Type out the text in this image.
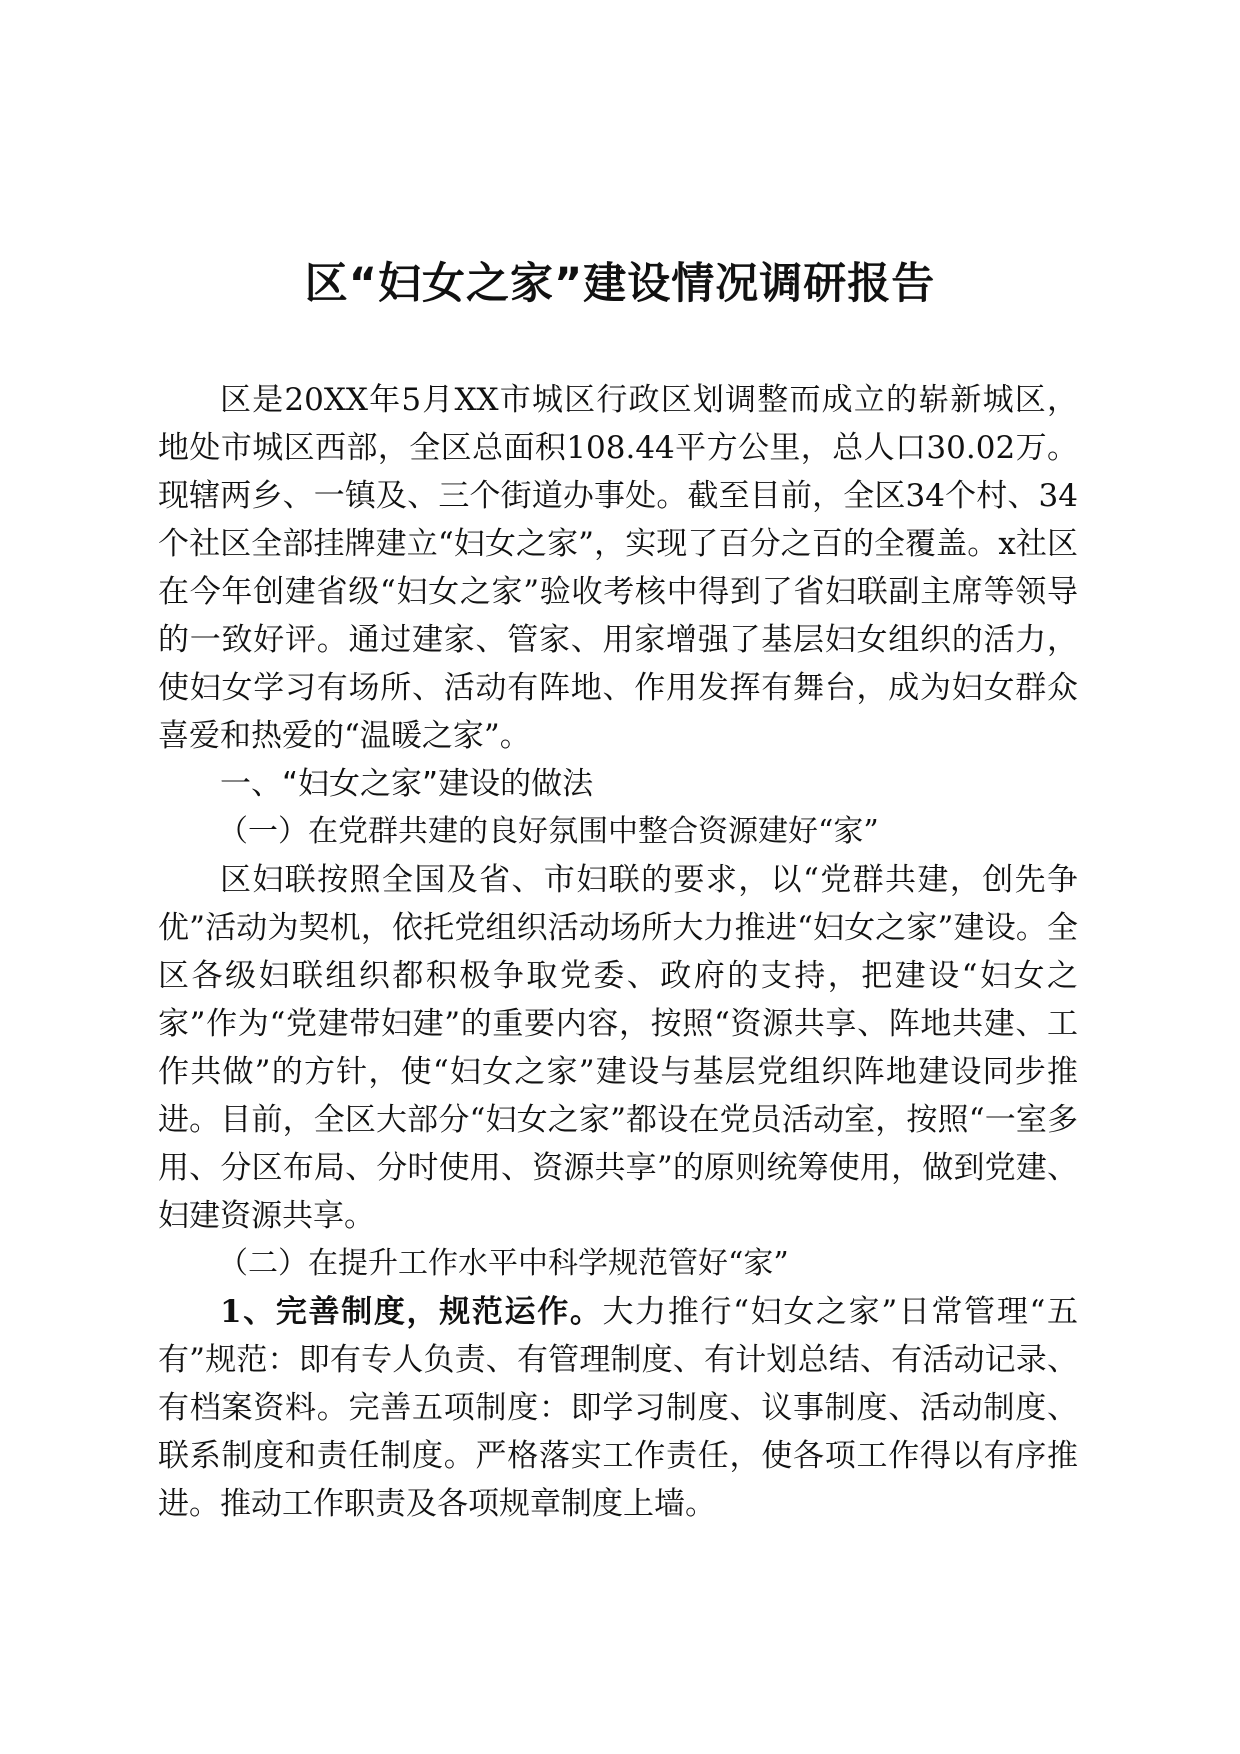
区“妇女之家”建设情况调研报告

区是20XX年5月XX市城区行政区划调整而成立的崭新城区，地处市城区西部，全区总面积108.44平方公里，总人口30.02万。现辖两乡、一镇及、三个街道办事处。截至目前，全区34个村、34个社区全部挂牌建立“妇女之家”，实现了百分之百的全覆盖。x社区在今年创建省级“妇女之家”验收考核中得到了省妇联副主席等领导的一致好评。通过建家、管家、用家增强了基层妇女组织的活力，使妇女学习有场所、活动有阵地、作用发挥有舞台，成为妇女群众喜爱和热爱的“温暖之家”。

一、“妇女之家”建设的做法

（一）在党群共建的良好氛围中整合资源建好“家”

区妇联按照全国及省、市妇联的要求，以“党群共建，创先争优”活动为契机，依托党组织活动场所大力推进“妇女之家”建设。全区各级妇联组织都积极争取党委、政府的支持，把建设“妇女之家”作为“党建带妇建”的重要内容，按照“资源共享、阵地共建、工作共做”的方针，使“妇女之家”建设与基层党组织阵地建设同步推进。目前，全区大部分“妇女之家”都设在党员活动室，按照“一室多用、分区布局、分时使用、资源共享”的原则统筹使用，做到党建、妇建资源共享。

（二）在提升工作水平中科学规范管好“家”

1、完善制度，规范运作。大力推行“妇女之家”日常管理“五有”规范：即有专人负责、有管理制度、有计划总结、有活动记录、有档案资料。完善五项制度：即学习制度、议事制度、活动制度、联系制度和责任制度。严格落实工作责任，使各项工作得以有序推进。推动工作职责及各项规章制度上墙。
